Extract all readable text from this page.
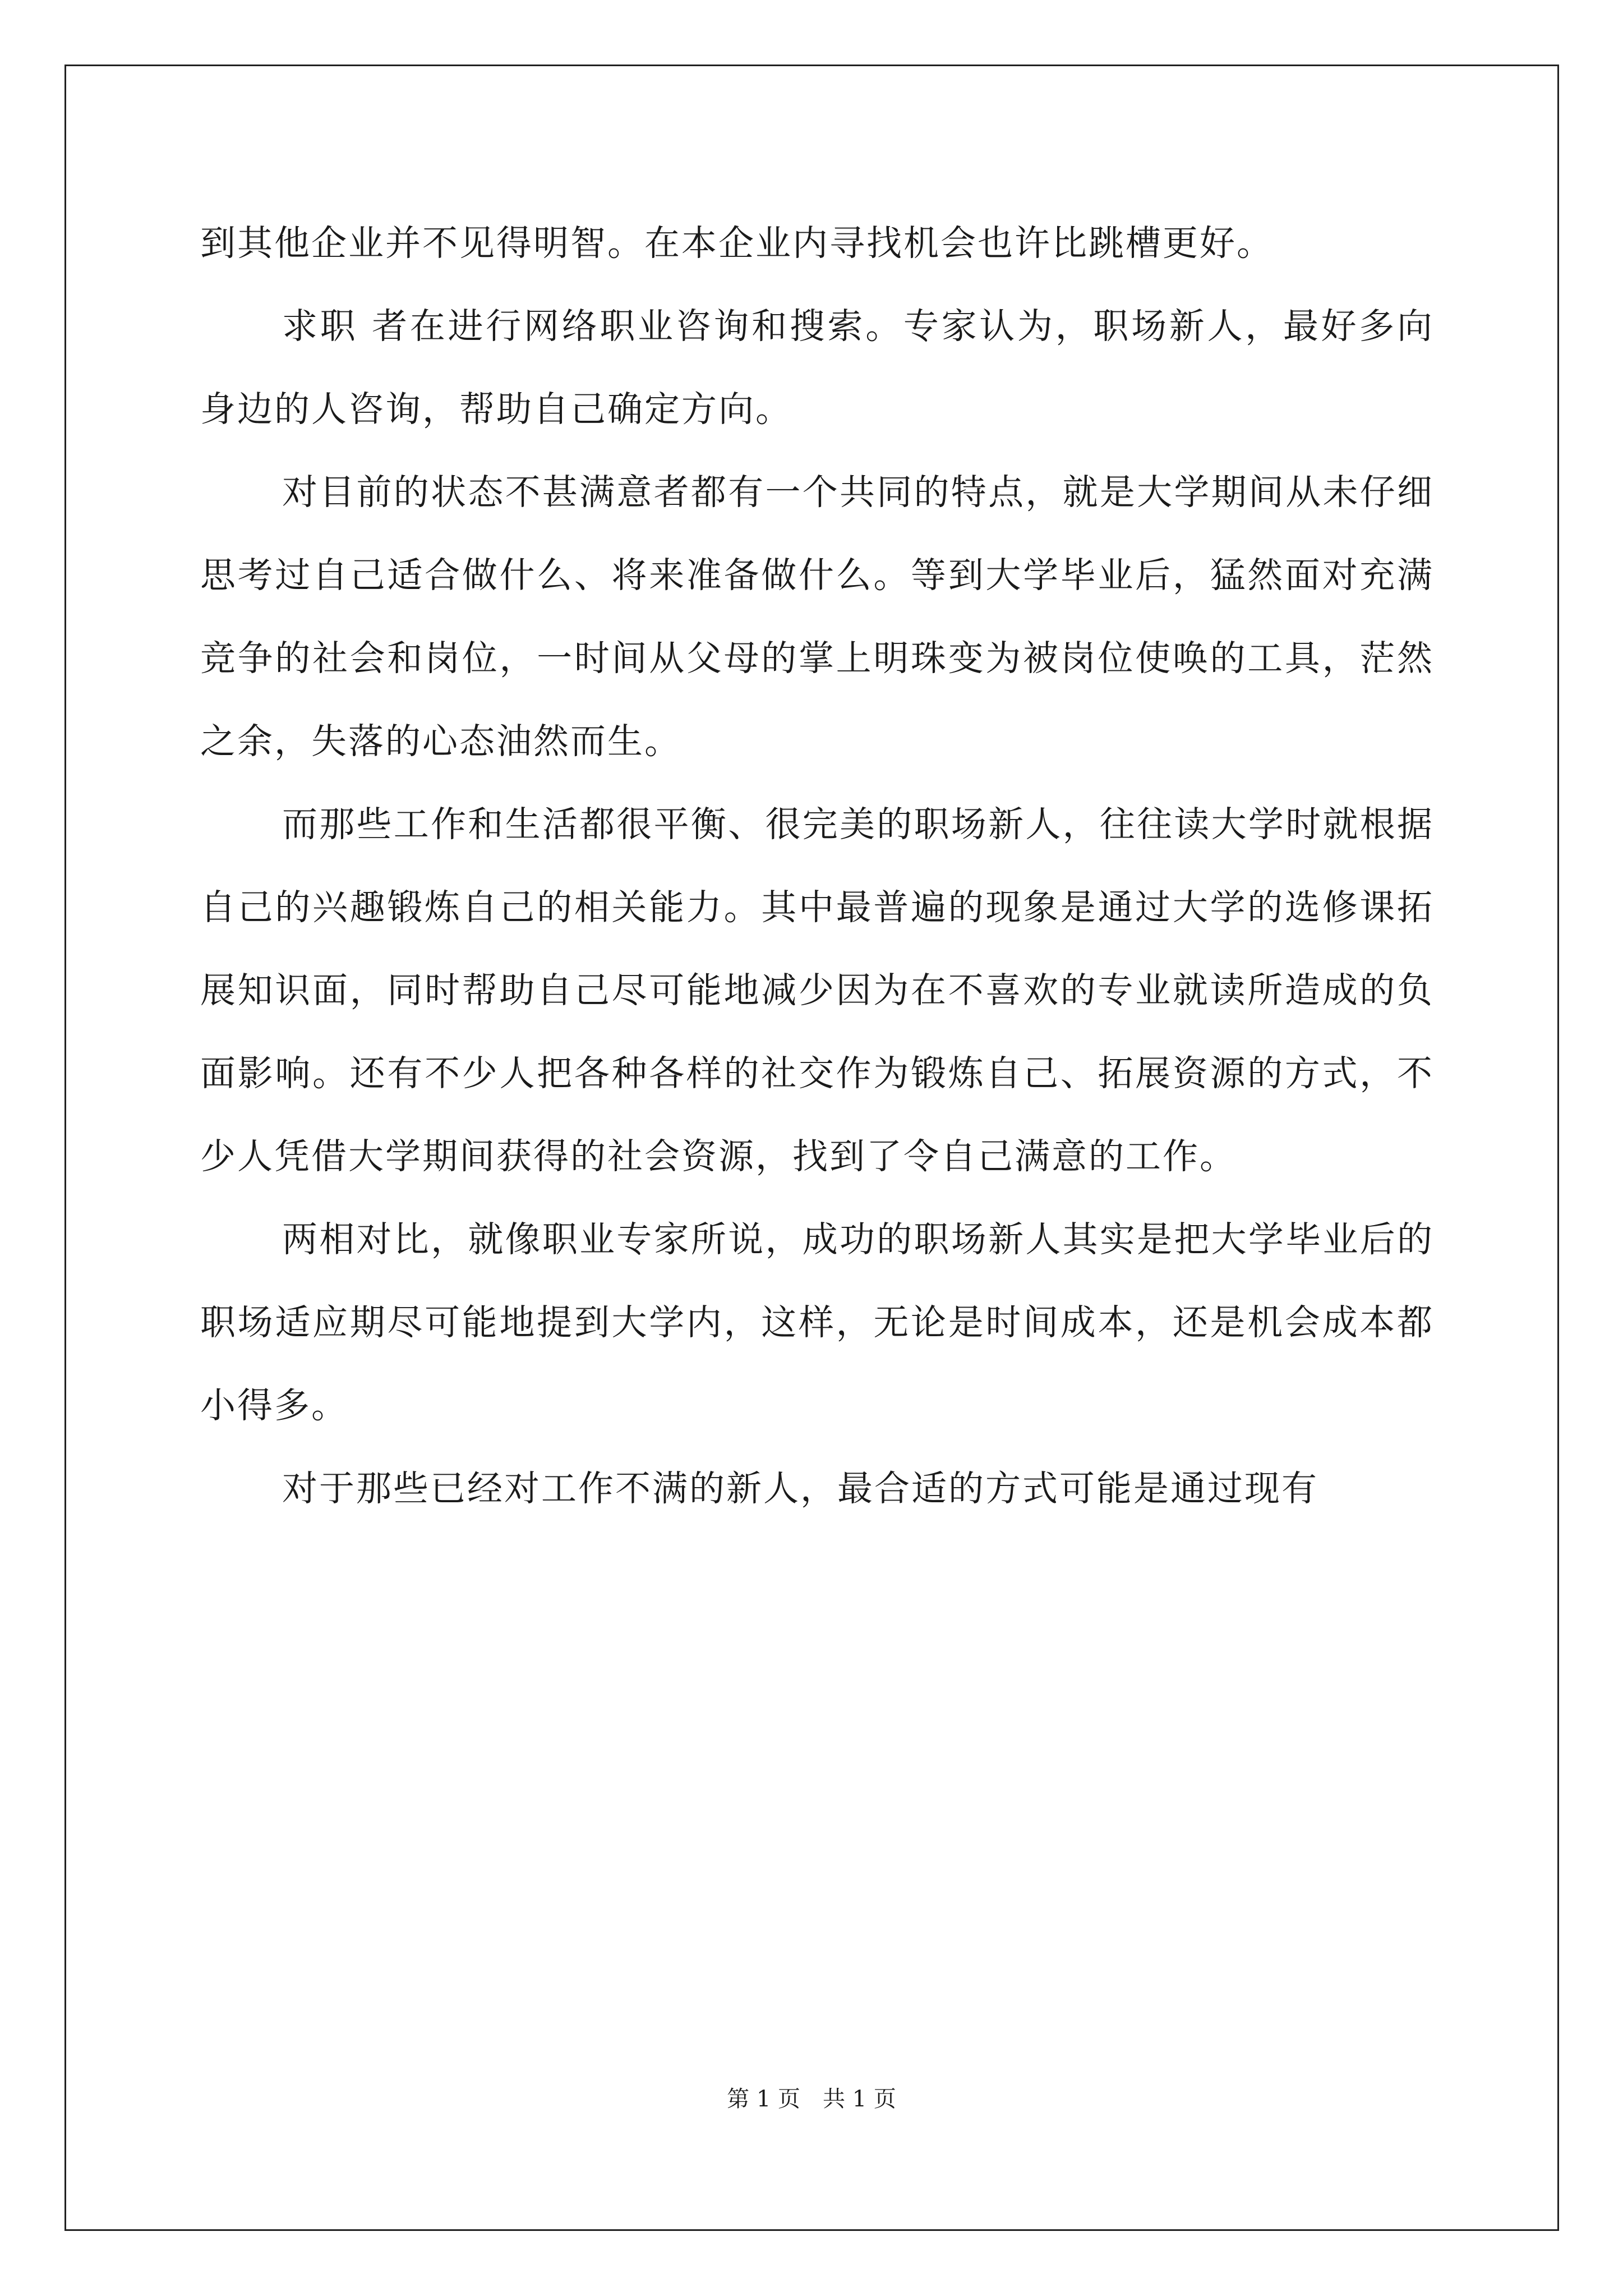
到其他企业并不见得明智。在本企业内寻找机会也许比跳槽更好。

求职 者在进行网络职业咨询和搜索。专家认为，职场新人，最好多向身边的人咨询，帮助自己确定方向。

对目前的状态不甚满意者都有一个共同的特点，就是大学期间从未仔细思考过自己适合做什么、将来准备做什么。等到大学毕业后，猛然面对充满竞争的社会和岗位，一时间从父母的掌上明珠变为被岗位使唤的工具，茫然之余，失落的心态油然而生。

而那些工作和生活都很平衡、很完美的职场新人，往往读大学时就根据自己的兴趣锻炼自己的相关能力。其中最普遍的现象是通过大学的选修课拓展知识面，同时帮助自己尽可能地减少因为在不喜欢的专业就读所造成的负面影响。还有不少人把各种各样的社交作为锻炼自己、拓展资源的方式，不少人凭借大学期间获得的社会资源，找到了令自己满意的工作。

两相对比，就像职业专家所说，成功的职场新人其实是把大学毕业后的职场适应期尽可能地提到大学内，这样，无论是时间成本，还是机会成本都小得多。

对于那些已经对工作不满的新人，最合适的方式可能是通过现有

第 1 页 共 1 页
